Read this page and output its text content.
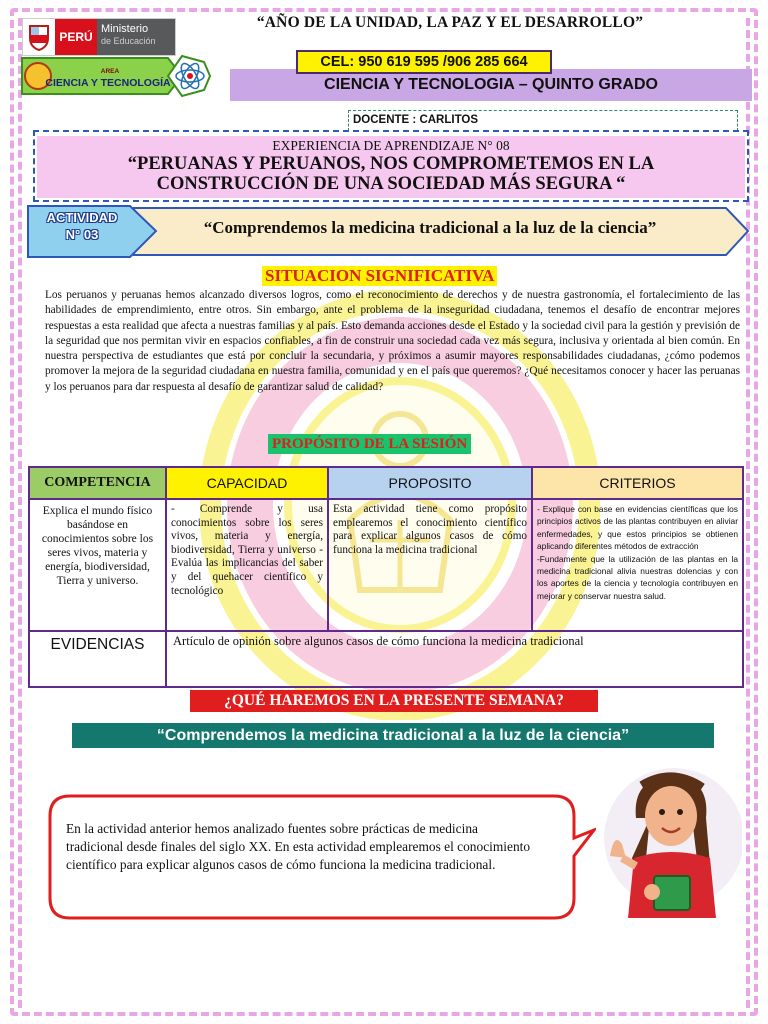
“AÑO DE LA UNIDAD, LA PAZ Y EL DESARROLLO”
PERÚ
Ministerio
de Educación
AREA
CIENCIA Y TECNOLOGÍA	CIENCIA Y TECNOLOGIA – QUINTO GRADO
CEL: 950 619 595 /906 285 664
DOCENTE : CARLITOS
EXPERIENCIA DE APRENDIZAJE N° 08
“PERUANAS Y PERUANOS, NOS COMPROMETEMOS EN LA
CONSTRUCCIÓN DE UNA SOCIEDAD MÁS SEGURA “
ACTIVIDAD
N° 03	“Comprendemos la medicina tradicional a la luz de la ciencia”
SITUACION SIGNIFICATIVA
Los peruanos y peruanas hemos alcanzado diversos logros, como el reconocimiento de derechos y de nuestra gastronomía, el fortalecimiento de las habilidades de emprendimiento, entre otros. Sin embargo, ante el problema de la inseguridad ciudadana, tenemos el desafío de encontrar mejores respuestas a esta realidad que afecta a nuestras familias y al país. Esto demanda acciones desde el Estado y la sociedad civil para la gestión y previsión de la seguridad que nos permitan vivir en espacios confiables, a fin de construir una sociedad cada vez más segura, inclusiva y orientada al bien común. En nuestra perspectiva de estudiantes que está por concluir la secundaria, y próximos a asumir mayores responsabilidades ciudadanas, ¿cómo podemos promover la mejora de la seguridad ciudadana en nuestra familia, comunidad y en el país que queremos? ¿Qué necesitamos conocer y hacer las peruanas y los peruanos para dar respuesta al desafío de garantizar salud de calidad?
PROPÓSITO DE LA SESIÓN
COMPETENCIA	CAPACIDAD	PROPOSITO	CRITERIOS
Explica el mundo físico basándose en conocimientos sobre los seres vivos, materia y energía, biodiversidad, Tierra y universo.	- Comprende y usa conocimientos sobre los seres vivos, materia y energía, biodiversidad, Tierra y universo -Evalúa las implicancias del saber y del quehacer científico y tecnológico	Esta actividad tiene como propósito emplearemos el conocimiento científico para explicar algunos casos de cómo funciona la medicina tradicional	- Explique con base en evidencias científicas que los principios activos de las plantas contribuyen en aliviar enfermedades, y que estos principios se obtienen aplicando diferentes métodos de extracción
-Fundamente que la utilización de las plantas en la medicina tradicional alivia nuestras dolencias y con los aportes de la ciencia y tecnología contribuyen en mejorar y conservar nuestra salud.

EVIDENCIAS	Artículo de opinión sobre algunos casos de cómo funciona la medicina tradicional		
¿QUÉ HAREMOS EN LA PRESENTE SEMANA?
“Comprendemos la medicina tradicional a la luz de la ciencia”
En la actividad anterior hemos analizado fuentes sobre prácticas de medicina tradicional desde finales del siglo XX. En esta actividad emplearemos el conocimiento científico para explicar algunos casos de cómo funciona la medicina tradicional.
